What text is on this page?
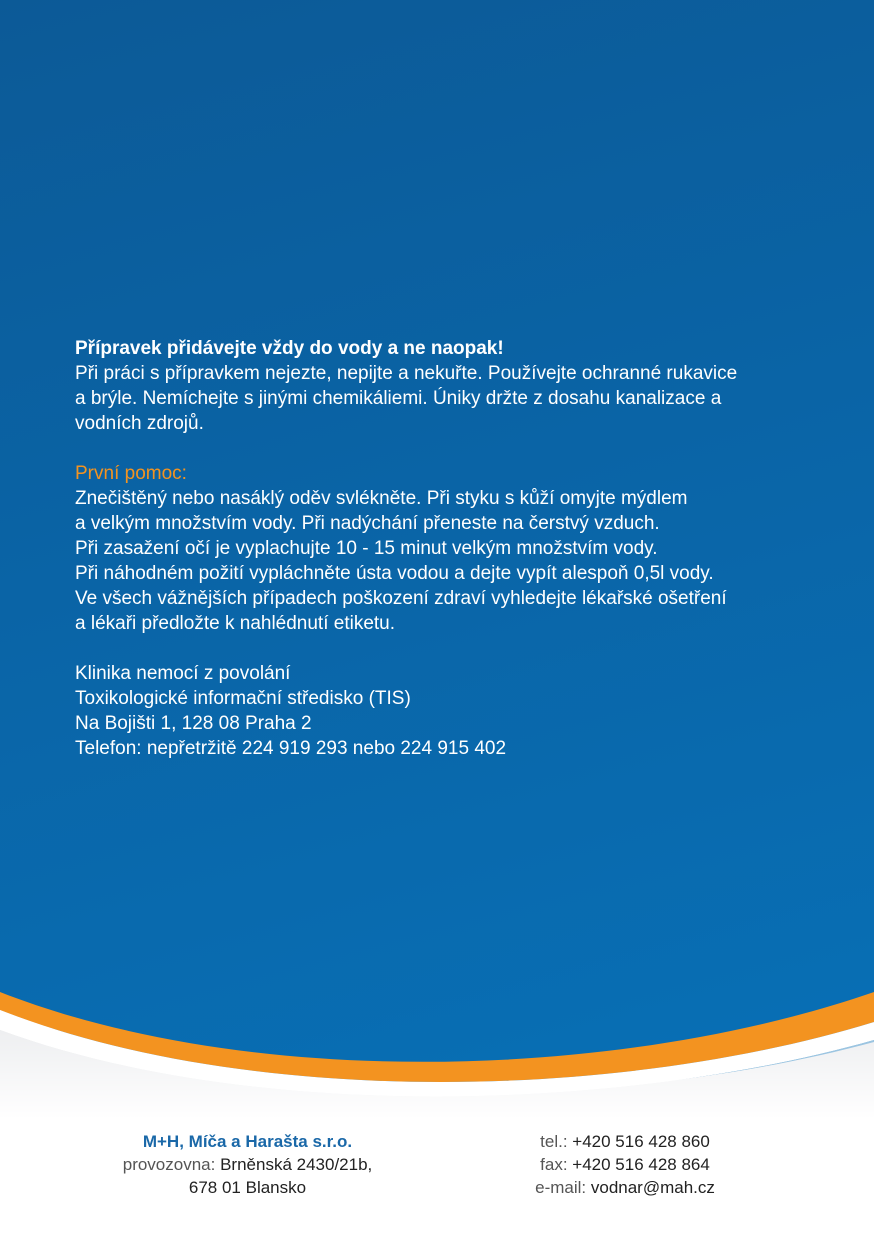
Přípravek přidávejte vždy do vody a ne naopak!

Při práci s přípravkem nejezte, nepijte a nekuřte. Používejte ochranné rukavice

a brýle. Nemíchejte s jinými chemikáliemi. Úniky držte z dosahu kanalizace a

vodních zdrojů.

První pomoc:

Znečištěný nebo nasáklý oděv svlékněte. Při styku s kůží omyjte mýdlem

a velkým množstvím vody. Při nadýchání přeneste na čerstvý vzduch.

Při zasažení očí je vyplachujte 10 - 15 minut velkým množstvím vody.

Při náhodném požití vypláchněte ústa vodou a dejte vypít alespoň 0,5l vody.

Ve všech vážnějších případech poškození zdraví vyhledejte lékařské ošetření

a lékaři předložte k nahlédnutí etiketu.

Klinika nemocí z povolání

Toxikologické informační středisko (TIS)

Na Bojišti 1, 128 08 Praha 2

Telefon: nepřetržitě 224 919 293 nebo 224 915 402

M+H, Míča a Harašta s.r.o.
provozovna: Brněnská 2430/21b,
678 01 Blansko
tel.: +420 516 428 860
fax: +420 516 428 864
e-mail: vodnar@mah.cz
